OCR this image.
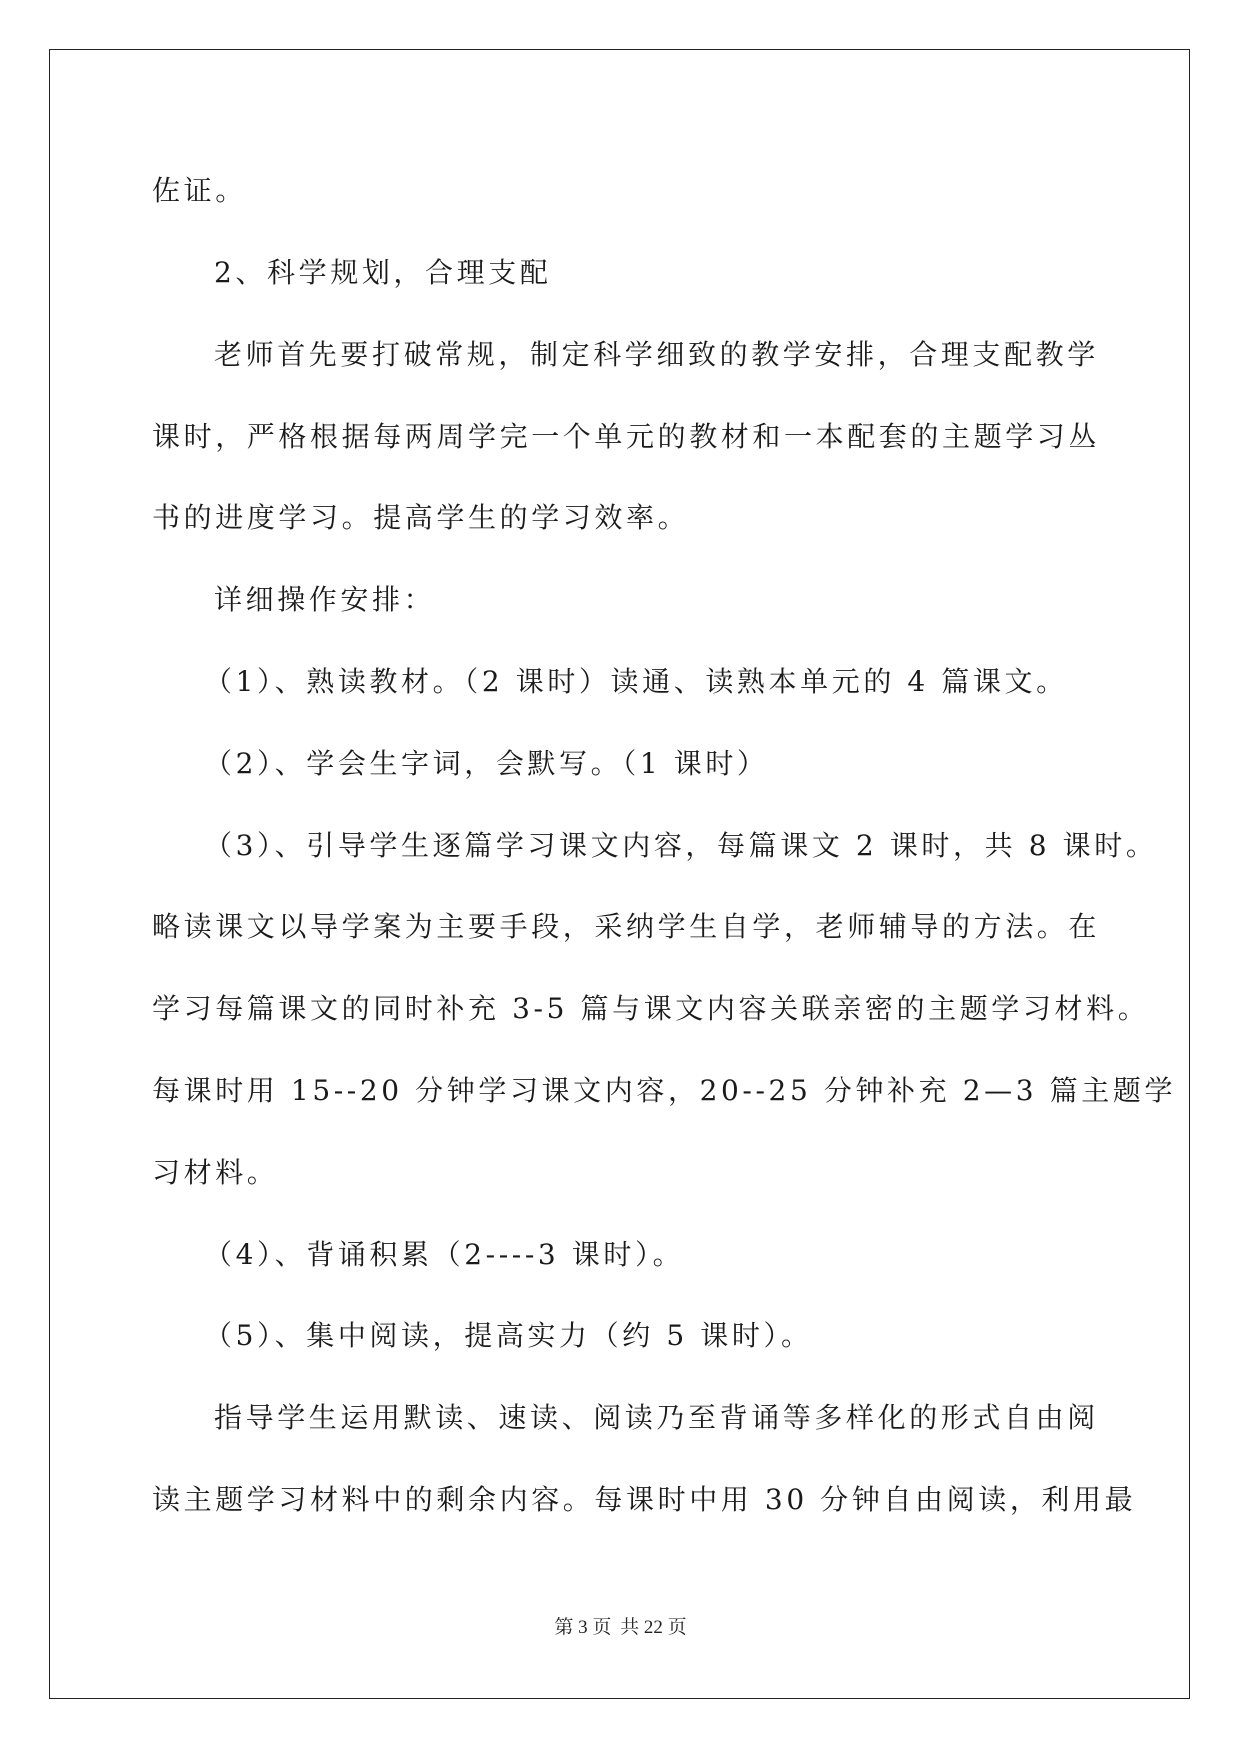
佐证。
2、科学规划，合理支配
老师首先要打破常规，制定科学细致的教学安排，合理支配教学
课时，严格根据每两周学完一个单元的教材和一本配套的主题学习丛
书的进度学习。提高学生的学习效率。
详细操作安排：
（1）、熟读教材。（2 课时）读通、读熟本单元的 4 篇课文。
（2）、学会生字词，会默写。（1 课时）
（3）、引导学生逐篇学习课文内容，每篇课文 2 课时，共 8 课时。
略读课文以导学案为主要手段，采纳学生自学，老师辅导的方法。在
学习每篇课文的同时补充 3-5 篇与课文内容关联亲密的主题学习材料。
每课时用 15--20 分钟学习课文内容，20--25 分钟补充 2—3 篇主题学
习材料。
（4）、背诵积累（2----3 课时）。
（5）、集中阅读，提高实力（约 5 课时）。
指导学生运用默读、速读、阅读乃至背诵等多样化的形式自由阅
读主题学习材料中的剩余内容。每课时中用 30 分钟自由阅读，利用最
第 3 页 共 22 页
